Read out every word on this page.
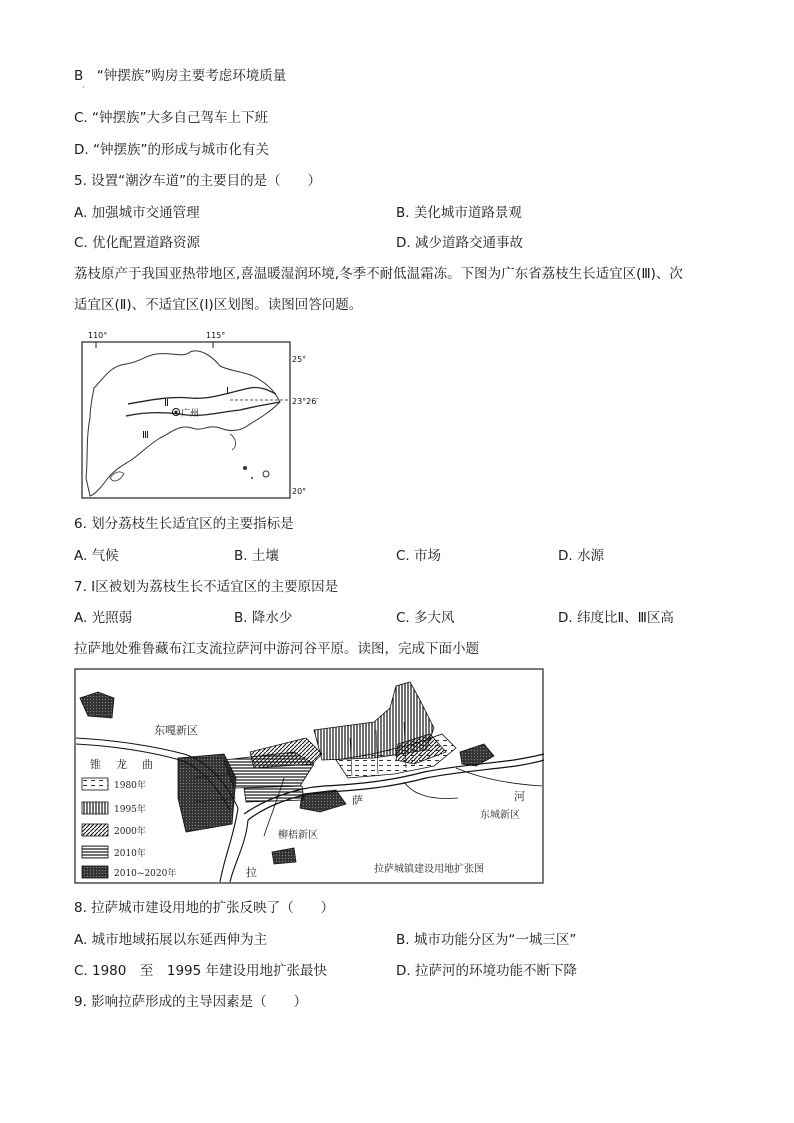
B　“钟摆族”购房主要考虑环境质量
·
C. “钟摆族”大多自己驾车上下班
D. “钟摆族”的形成与城市化有关
5. 设置“潮汐车道”的主要目的是（　　）
A. 加强城市交通管理	B. 美化城市道路景观
C. 优化配置道路资源	D. 减少道路交通事故
荔枝原产于我国亚热带地区,喜温暖湿润环境,冬季不耐低温霜冻。下图为广东省荔枝生长适宜区(Ⅲ)、次
适宜区(Ⅱ)、不适宜区(Ⅰ)区划图。读图回答问题。
广州
Ⅰ
Ⅱ
Ⅲ
110°	115°
25°
23°26′
20°
6. 划分荔枝生长适宜区的主要指标是
A. 气候	B. 土壤	C. 市场	D. 水源
7. Ⅰ区被划为荔枝生长不适宜区的主要原因是
A. 光照弱	B. 降水少	C. 多大风	D. 纬度比Ⅱ、Ⅲ区高
拉萨地处雅鲁藏布江支流拉萨河中游河谷平原。读图，完成下面小题
东嘎新区
锥 龙 曲
河
东城新区
萨
柳梧新区
拉	拉萨城镇建设用地扩张图
1980年
1995年
2000年
2010年
2010~2020年
8. 拉萨城市建设用地的扩张反映了（　　）
A. 城市地域拓展以东延西伸为主	B. 城市功能分区为“一城三区”
C. 1980　至　1995 年建设用地扩张最快	D. 拉萨河的环境功能不断下降
9. 影响拉萨形成的主导因素是（　　）
